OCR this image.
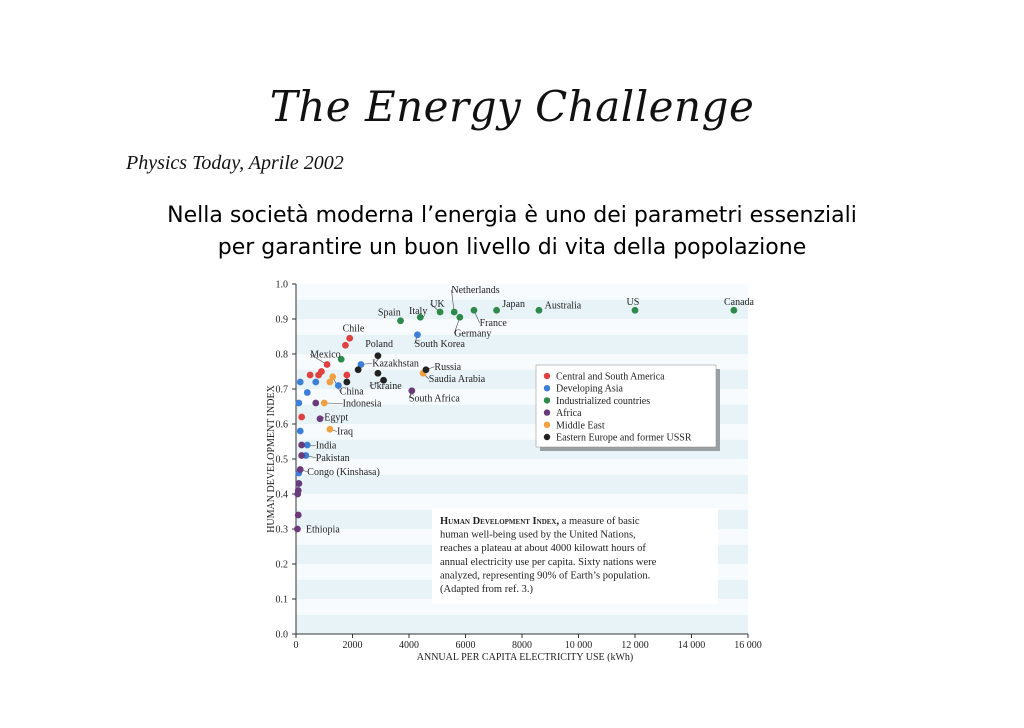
The Energy Challenge
Physics Today, Aprile 2002
Nella società moderna l’energia è uno dei parametri essenziali
per garantire un buon livello di vita della popolazione
0	2000	4000	6000	8000	10 000	12 000	14 000	16 000
0.0
0.1
0.2
0.3
0.4
0.5
0.6
0.7
0.8
0.9
1.0
Canada
US
Australia
Japan
Netherlands
UK
Italy
Spain
France
Germany
Chile
Poland South Korea
Mexico
Kazakhstan Russia
Saudia Arabia
Ukraine
South Africa
China
Indonesia
Egypt
Iraq
India
Pakistan
Congo (Kinshasa)
Ethiopia
Central and South America
Developing Asia
Industrialized countries
Africa
Middle East
Eastern Europe and former USSR
Human Development Index, a measure of basic
human well-being used by the United Nations,
reaches a plateau at about 4000 kilowatt hours of
annual electricity use per capita. Sixty nations were
analyzed, representing 90% of Earth’s population.
(Adapted from ref. 3.)
ANNUAL PER CAPITA ELECTRICITY USE (kWh)
HUMAN DEVELOPMENT INDEX
